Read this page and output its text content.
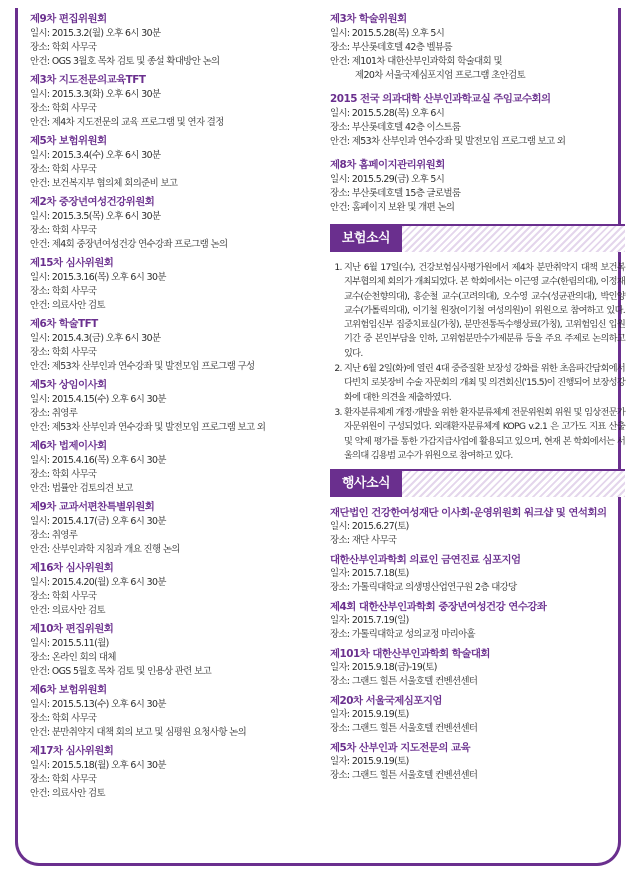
제9차 편집위원회
일시: 2015.3.2(월) 오후 6시 30분
장소: 학회 사무국
안건: OGS 3월호 목차 검토 및 종설 확대방안 논의
제3차 지도전문의교육TFT
일시: 2015.3.3(화) 오후 6시 30분
장소: 학회 사무국
안건: 제4차 지도전문의 교육 프로그램 및 연자 결정
제5차 보험위원회
일시: 2015.3.4(수) 오후 6시 30분
장소: 학회 사무국
안건: 보건복지부 협의체 회의준비 보고
제2차 중장년여성건강위원회
일시: 2015.3.5(목) 오후 6시 30분
장소: 학회 사무국
안건: 제4회 중장년여성건강 연수강좌 프로그램 논의
제15차 심사위원회
일시: 2015.3.16(목) 오후 6시 30분
장소: 학회 사무국
안건: 의료사안 검토
제6차 학술TFT
일시: 2015.4.3(금) 오후 6시 30분
장소: 학회 사무국
안건: 제53차 산부인과 연수강좌 및 발전모임 프로그램 구성
제5차 상임이사회
일시: 2015.4.15(수) 오후 6시 30분
장소: 취영루
안건: 제53차 산부인과 연수강좌 및 발전모임 프로그램 보고 외
제6차 법제이사회
일시: 2015.4.16(목) 오후 6시 30분
장소: 학회 사무국
안건: 법률안 검토의견 보고
제9차 교과서편찬특별위원회
일시: 2015.4.17(금) 오후 6시 30분
장소: 취영루
안건: 산부인과학 지침과 개요 진행 논의
제16차 심사위원회
일시: 2015.4.20(월) 오후 6시 30분
장소: 학회 사무국
안건: 의료사안 검토
제10차 편집위원회
일시: 2015.5.11(월)
장소: 온라인 회의 대체
안건: OGS 5월호 목차 검토 및 인용상 관련 보고
제6차 보험위원회
일시: 2015.5.13(수) 오후 6시 30분
장소: 학회 사무국
안건: 분만취약지 대책 회의 보고 및 심평원 요청사항 논의
제17차 심사위원회
일시: 2015.5.18(월) 오후 6시 30분
장소: 학회 사무국
안건: 의료사안 검토
제3차 학술위원회
일시: 2015.5.28(목) 오후 5시
장소: 부산롯데호텔 42층 벨뷰룸
안건: 제101차 대한산부인과학회 학술대회 및
제20차 서울국제심포지엄 프로그램 초안검토
2015 전국 의과대학 산부인과학교실 주임교수회의
일시: 2015.5.28(목) 오후 6시
장소: 부산롯데호텔 42층 이스트룸
안건: 제53차 산부인과 연수강좌 및 발전모임 프로그램 보고 외
제8차 홈페이지관리위원회
일시: 2015.5.29(금) 오후 5시
장소: 부산롯데호텔 15층 글로벌룸
안건: 홈페이지 보완 및 개편 논의
보험소식
1. 지난 6월 17일(수), 건강보험심사평가원에서 제4차 분만취약지 대책 보건복지부협의체 회의가 개최되었다. 본 학회에서는 이근영 교수(한림의대), 이정재 교수(순천향의대), 홍순철 교수(고려의대), 오수영 교수(성균관의대), 박인양 교수(가톨릭의대), 이기철 원장(이기철 여성의원)이 위원으로 참여하고 있다. 고위험임신부 집중치료실(가칭), 분만전통독수행상료(가칭), 고위험임신 입원기간 중 본인부담을 인하, 고위험분만수가제분류 등을 주요 주제로 논의하고 있다.
2. 지난 6월 2일(화)에 열린 4대 중증질환 보장성 강화를 위한 초음파간담회에서 다빈치 로봇장비 수술 자문회의 개최 및 의견회신('15.5)이 진행되어 보장성강화에 대한 의견을 제출하였다.
3. 환자분류체계 개정·개발을 위한 환자분류체계 전문위원회 위원 및 임상전문가 자문위원이 구성되었다. 외래환자분류체계 KOPG v.2.1 은 고가도 지표 산출 및 약제 평가를 통한 가감지급사업에 활용되고 있으며, 현재 본 학회에서는 서울의대 김용범 교수가 위원으로 참여하고 있다.
행사소식
재단법인 건강한여성재단 이사회·운영위원회 워크샵 및 연석회의
일시: 2015.6.27(토)
장소: 재단 사무국
대한산부인과학회 의료인 금연진료 심포지엄
일자: 2015.7.18(토)
장소: 가톨릭대학교 의생명산업연구원 2층 대강당
제4회 대한산부인과학회 중장년여성건강 연수강좌
일자: 2015.7.19(일)
장소: 가톨릭대학교 성의교정 마리아홀
제101차 대한산부인과학회 학술대회
일자: 2015.9.18(금)-19(토)
장소: 그랜드 힐튼 서울호텔 컨벤션센터
제20차 서울국제심포지엄
일자: 2015.9.19(토)
장소: 그랜드 힐튼 서울호텔 컨벤션센터
제5차 산부인과 지도전문의 교육
일자: 2015.9.19(토)
장소: 그랜드 힐튼 서울호텔 컨벤션센터
